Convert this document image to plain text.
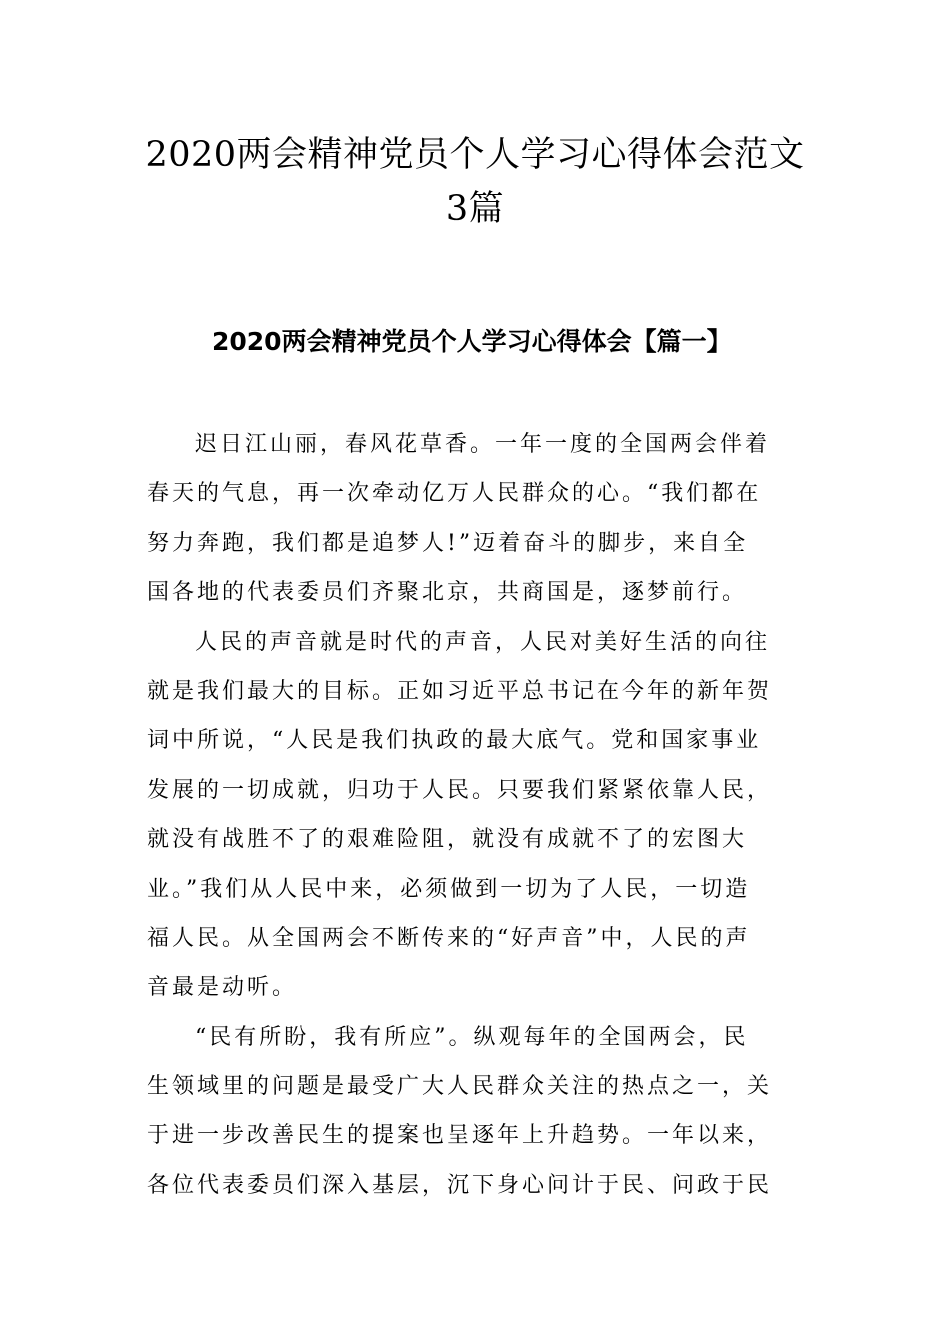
2020两会精神党员个人学习心得体会范文
3篇
2020两会精神党员个人学习心得体会【篇一】
迟日江山丽，春风花草香。一年一度的全国两会伴着
春天的气息，再一次牵动亿万人民群众的心。“我们都在
努力奔跑，我们都是追梦人!”迈着奋斗的脚步，来自全
国各地的代表委员们齐聚北京，共商国是，逐梦前行。
人民的声音就是时代的声音，人民对美好生活的向往
就是我们最大的目标。正如习近平总书记在今年的新年贺
词中所说，“人民是我们执政的最大底气。党和国家事业
发展的一切成就，归功于人民。只要我们紧紧依靠人民，
就没有战胜不了的艰难险阻，就没有成就不了的宏图大
业。”我们从人民中来，必须做到一切为了人民，一切造
福人民。从全国两会不断传来的“好声音”中，人民的声
音最是动听。
“民有所盼，我有所应”。纵观每年的全国两会，民
生领域里的问题是最受广大人民群众关注的热点之一，关
于进一步改善民生的提案也呈逐年上升趋势。一年以来，
各位代表委员们深入基层，沉下身心问计于民、问政于民
